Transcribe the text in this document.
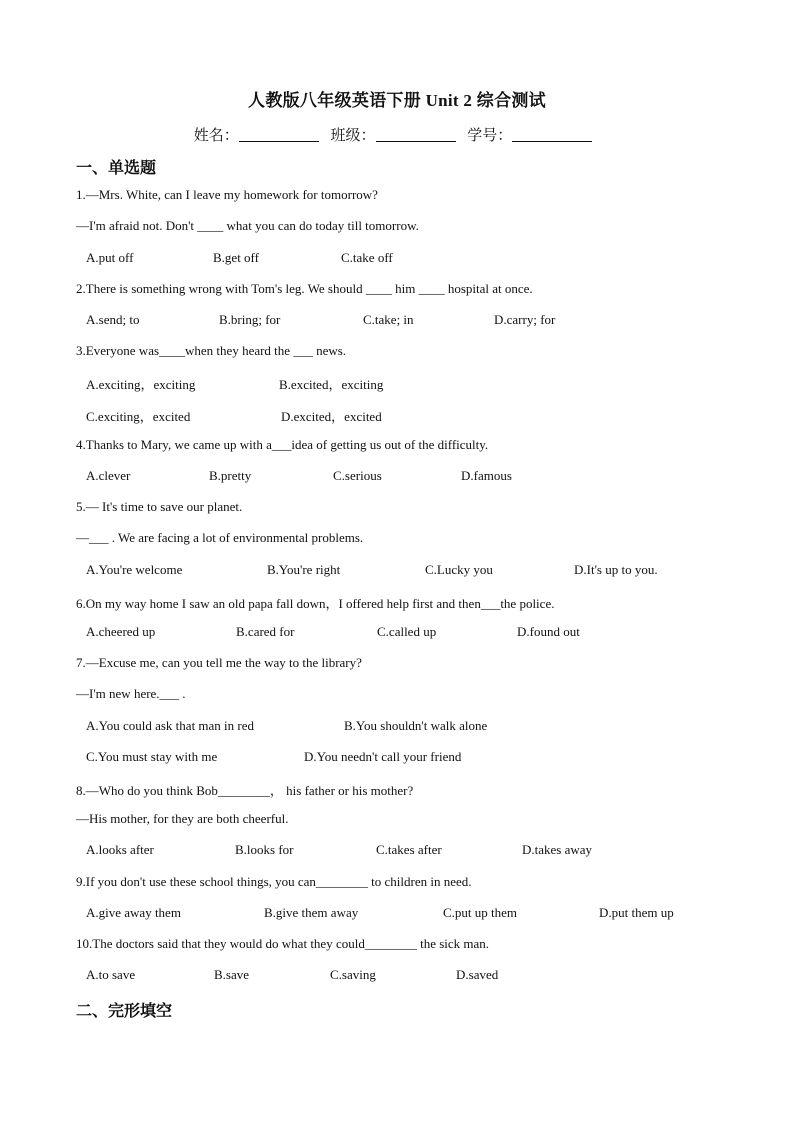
人教版八年级英语下册 Unit 2 综合测试
姓名：	班级：	学号：
一、单选题
1.—Mrs. White, can I leave my homework for tomorrow?
—I'm afraid not. Don't ____ what you can do today till tomorrow.
A.put off	B.get off	C.take off
2.There is something wrong with Tom's leg. We should ____ him ____ hospital at once.
A.send; to	B.bring; for	C.take; in	D.carry; for
3.Everyone was____when they heard the ___ news.
A.exciting，exciting	B.excited，exciting
C.exciting，excited	D.excited，excited
4.Thanks to Mary, we came up with a___idea of getting us out of the difficulty.
A.clever	B.pretty	C.serious	D.famous
5.— It's time to save our planet.
—___ . We are facing a lot of environmental problems.
A.You're welcome	B.You're right	C.Lucky you	D.It's up to you.
6.On my way home I saw an old papa fall down，I offered help first and then___the police.
A.cheered up	B.cared for	C.called up	D.found out
7.—Excuse me, can you tell me the way to the library?
—I'm new here.___ .
A.You could ask that man in red	B.You shouldn't walk alone
C.You must stay with me	D.You needn't call your friend
8.—Who do you think Bob________， his father or his mother?
—His mother, for they are both cheerful.
A.looks after	B.looks for	C.takes after	D.takes away
9.If you don't use these school things, you can________ to children in need.
A.give away them	B.give them away	C.put up them	D.put them up
10.The doctors said that they would do what they could________ the sick man.
A.to save	B.save	C.saving	D.saved
二、完形填空
